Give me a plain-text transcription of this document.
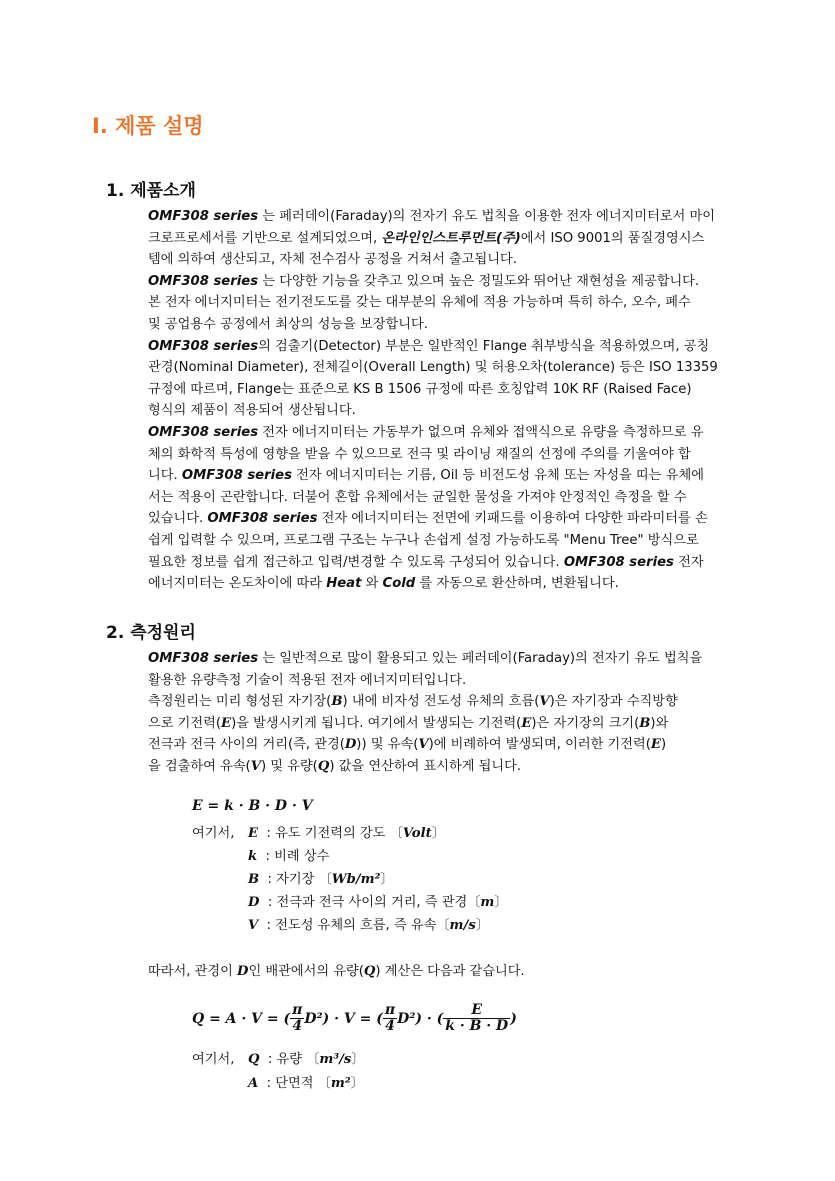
I. 제품 설명
1. 제품소개
OMF308 series 는 페러데이(Faraday)의 전자기 유도 법칙을 이용한 전자 에너지미터로서 마이
크로프로세서를 기반으로 설계되었으며, 온라인인스트루먼트(주)에서 ISO 9001의 품질경영시스
템에 의하여 생산되고, 자체 전수검사 공정을 거쳐서 출고됩니다.
OMF308 series 는 다양한 기능을 갖추고 있으며 높은 정밀도와 뛰어난 재현성을 제공합니다.
본 전자 에너지미터는 전기전도도를 갖는 대부분의 유체에 적용 가능하며 특히 하수, 오수, 폐수
및 공업용수 공정에서 최상의 성능을 보장합니다.
OMF308 series의 검출기(Detector) 부분은 일반적인 Flange 취부방식을 적용하였으며, 공칭
관경(Nominal Diameter), 전체길이(Overall Length) 및 허용오차(tolerance) 등은 ISO 13359
규정에 따르며, Flange는 표준으로 KS B 1506 규정에 따른 호칭압력 10K RF (Raised Face)
형식의 제품이 적용되어 생산됩니다.
OMF308 series 전자 에너지미터는 가동부가 없으며 유체와 접액식으로 유량을 측정하므로 유
체의 화학적 특성에 영향을 받을 수 있으므로 전극 및 라이닝 재질의 선정에 주의를 기울여야 합
니다. OMF308 series 전자 에너지미터는 기름, Oil 등 비전도성 유체 또는 자성을 띠는 유체에
서는 적용이 곤란합니다. 더불어 혼합 유체에서는 균일한 물성을 가져야 안정적인 측정을 할 수
있습니다. OMF308 series 전자 에너지미터는 전면에 키패드를 이용하여 다양한 파라미터를 손
쉽게 입력할 수 있으며, 프로그램 구조는 누구나 손쉽게 설정 가능하도록 "Menu Tree" 방식으로
필요한 정보를 쉽게 접근하고 입력/변경할 수 있도록 구성되어 있습니다. OMF308 series 전자
에너지미터는 온도차이에 따라 Heat 와 Cold 를 자동으로 환산하며, 변환됩니다.
2. 측정원리
OMF308 series 는 일반적으로 많이 활용되고 있는 페러데이(Faraday)의 전자기 유도 법칙을
활용한 유량측정 기술이 적용된 전자 에너지미터입니다.
측정원리는 미리 형성된 자기장(B) 내에 비자성 전도성 유체의 흐름(V)은 자기장과 수직방향
으로 기전력(E)을 발생시키게 됩니다. 여기에서 발생되는 기전력(E)은 자기장의 크기(B)와
전극과 전극 사이의 거리(즉, 관경(D)) 및 유속(V)에 비례하여 발생되며, 이러한 기전력(E)
을 검출하여 유속(V) 및 유량(Q) 값을 연산하여 표시하게 됩니다.
E = k · B · D · V
여기서, E : 유도 기전력의 강도 〔Volt〕
k : 비례 상수
B : 자기장 〔Wb/m²〕
D : 전극과 전극 사이의 거리, 즉 관경〔m〕
V : 전도성 유체의 흐름, 즉 유속〔m/s〕
따라서, 관경이 D인 배관에서의 유량(Q) 계산은 다음과 같습니다.
Q = A · V = ( $\frac{\pi}{4} D^2) \cdot V$ = ( $\frac{\pi}{4} D^2$) · ( $\frac{E}{k \cdot B \cdot D}$ )
여기서, Q : 유량 〔m³/s〕
A : 단면적 〔m²〕
